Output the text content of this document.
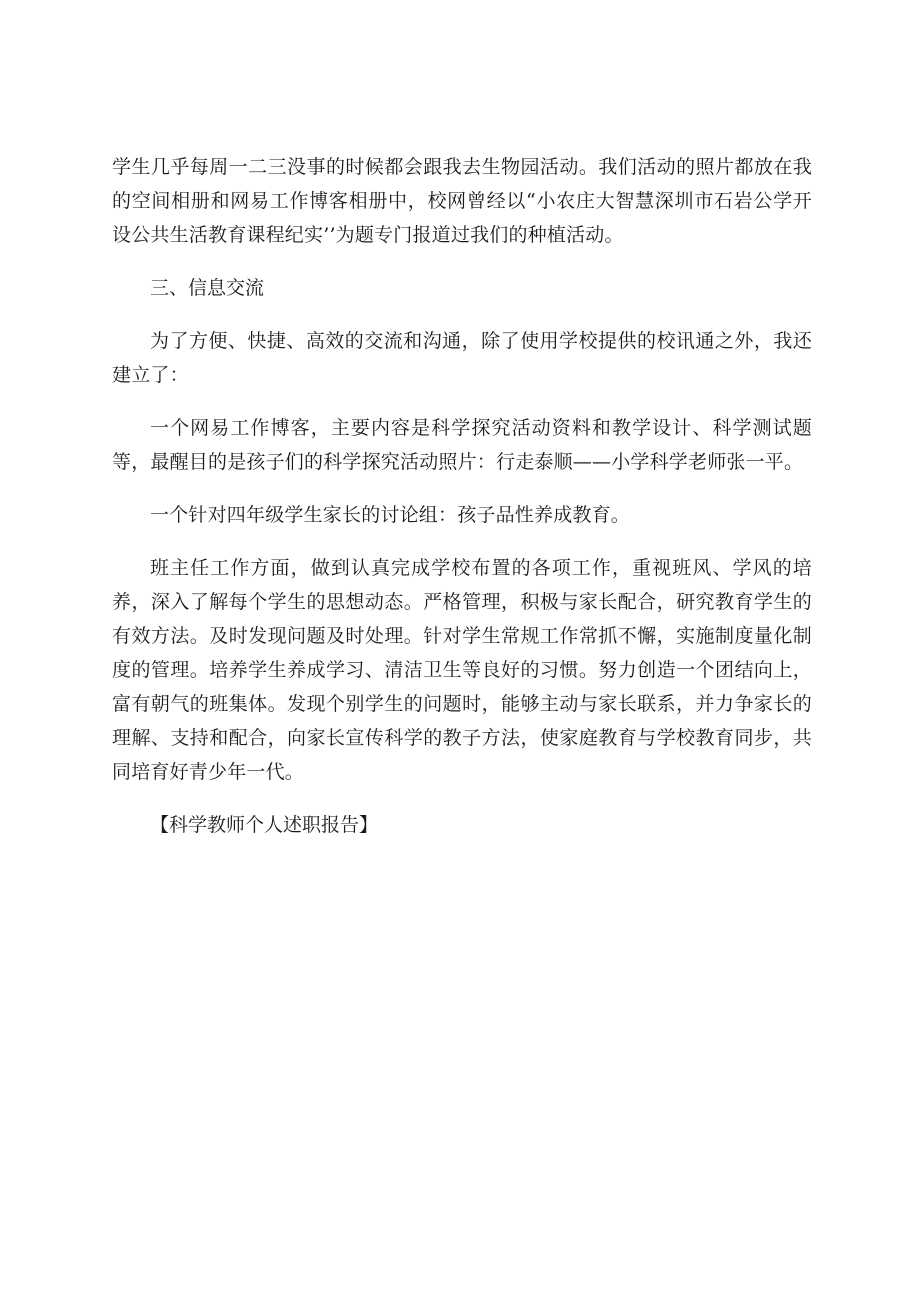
学生几乎每周一二三没事的时候都会跟我去生物园活动。我们活动的照片都放在我的空间相册和网易工作博客相册中，校网曾经以“小农庄大智慧深圳市石岩公学开设公共生活教育课程纪实’’为题专门报道过我们的种植活动。

三、信息交流

为了方便、快捷、高效的交流和沟通，除了使用学校提供的校讯通之外，我还建立了：

一个网易工作博客，主要内容是科学探究活动资料和教学设计、科学测试题等，最醒目的是孩子们的科学探究活动照片：行走泰顺——小学科学老师张一平。

一个针对四年级学生家长的讨论组：孩子品性养成教育。

班主任工作方面，做到认真完成学校布置的各项工作，重视班风、学风的培养，深入了解每个学生的思想动态。严格管理，积极与家长配合，研究教育学生的有效方法。及时发现问题及时处理。针对学生常规工作常抓不懈，实施制度量化制度的管理。培养学生养成学习、清洁卫生等良好的习惯。努力创造一个团结向上，富有朝气的班集体。发现个别学生的问题时，能够主动与家长联系，并力争家长的理解、支持和配合，向家长宣传科学的教子方法，使家庭教育与学校教育同步，共同培育好青少年一代。

【科学教师个人述职报告】
